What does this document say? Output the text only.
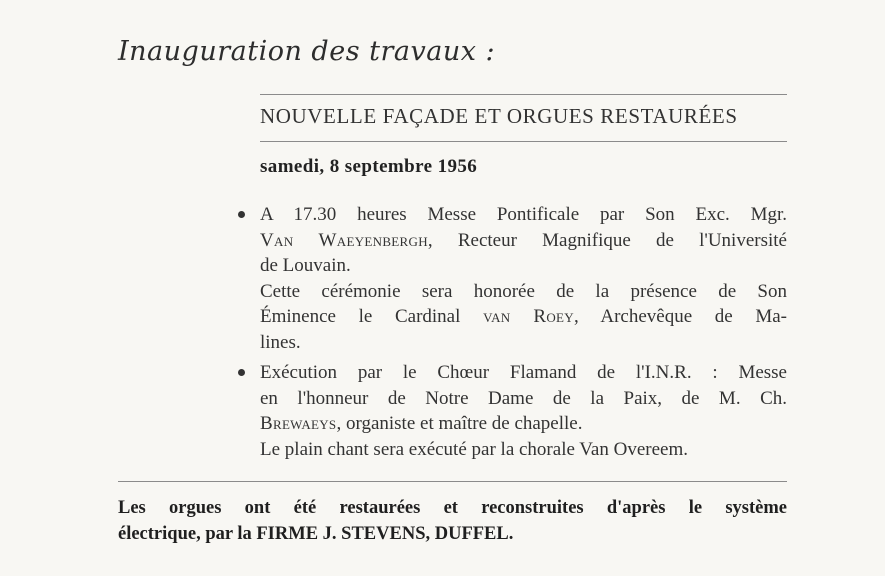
Inauguration des travaux :
NOUVELLE FAÇADE ET ORGUES RESTAURÉES
samedi, 8 septembre 1956
A 17.30 heures Messe Pontificale par Son Exc. Mgr.
Van Waeyenbergh, Recteur Magnifique de l'Université
de Louvain.
Cette cérémonie sera honorée de la présence de Son
Éminence le Cardinal van Roey, Archevêque de Ma-
lines.
Exécution par le Chœur Flamand de l'I.N.R. : Messe
en l'honneur de Notre Dame de la Paix, de M. Ch.
Brewaeys, organiste et maître de chapelle.
Le plain chant sera exécuté par la chorale Van Overeem.
Les orgues ont été restaurées et reconstruites d'après le système
électrique, par la FIRME J. STEVENS, DUFFEL.
